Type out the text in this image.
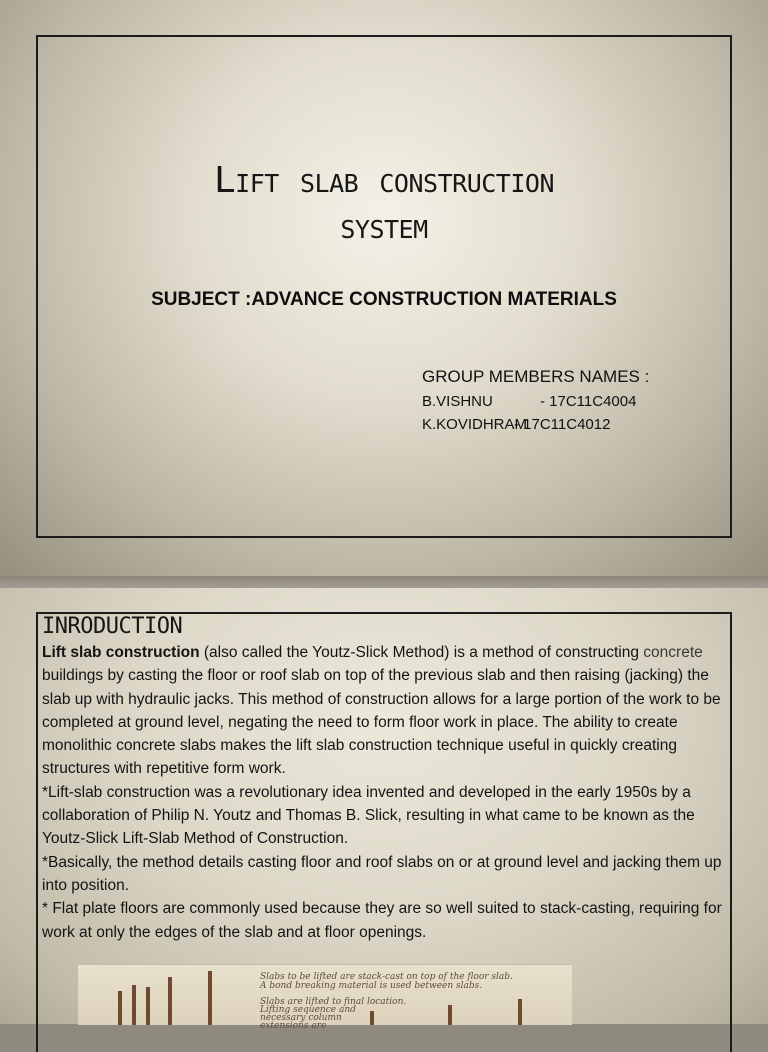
Lift slab construction
system
SUBJECT :ADVANCE CONSTRUCTION MATERIALS
GROUP MEMBERS NAMES :
B.VISHNU	- 17C11C4004
K.KOVIDHRAM
- 17C11C4012
INRODUCTION

Lift slab construction (also called the Youtz-Slick Method) is a method of constructing concrete buildings by casting the floor or roof slab on top of the previous slab and then raising (jacking) the slab up with hydraulic jacks. This method of construction allows for a large portion of the work to be completed at ground level, negating the need to form floor work in place. The ability to create monolithic concrete slabs makes the lift slab construction technique useful in quickly creating structures with repetitive form work.

*Lift-slab construction was a revolutionary idea invented and developed in the early 1950s by a collaboration of Philip N. Youtz and Thomas B. Slick, resulting in what came to be known as the Youtz-Slick Lift-Slab Method of Construction.

*Basically, the method details casting floor and roof slabs on or at ground level and jacking them up into position.

* Flat plate floors are commonly used because they are so well suited to stack-casting, requiring for work at only the edges of the slab and at floor openings.

Slabs to be lifted are stack-cast on top of the floor slab.
A bond breaking material is used between slabs.
Slabs are lifted to final location.
Lifting sequence and
necessary column
extensions are
